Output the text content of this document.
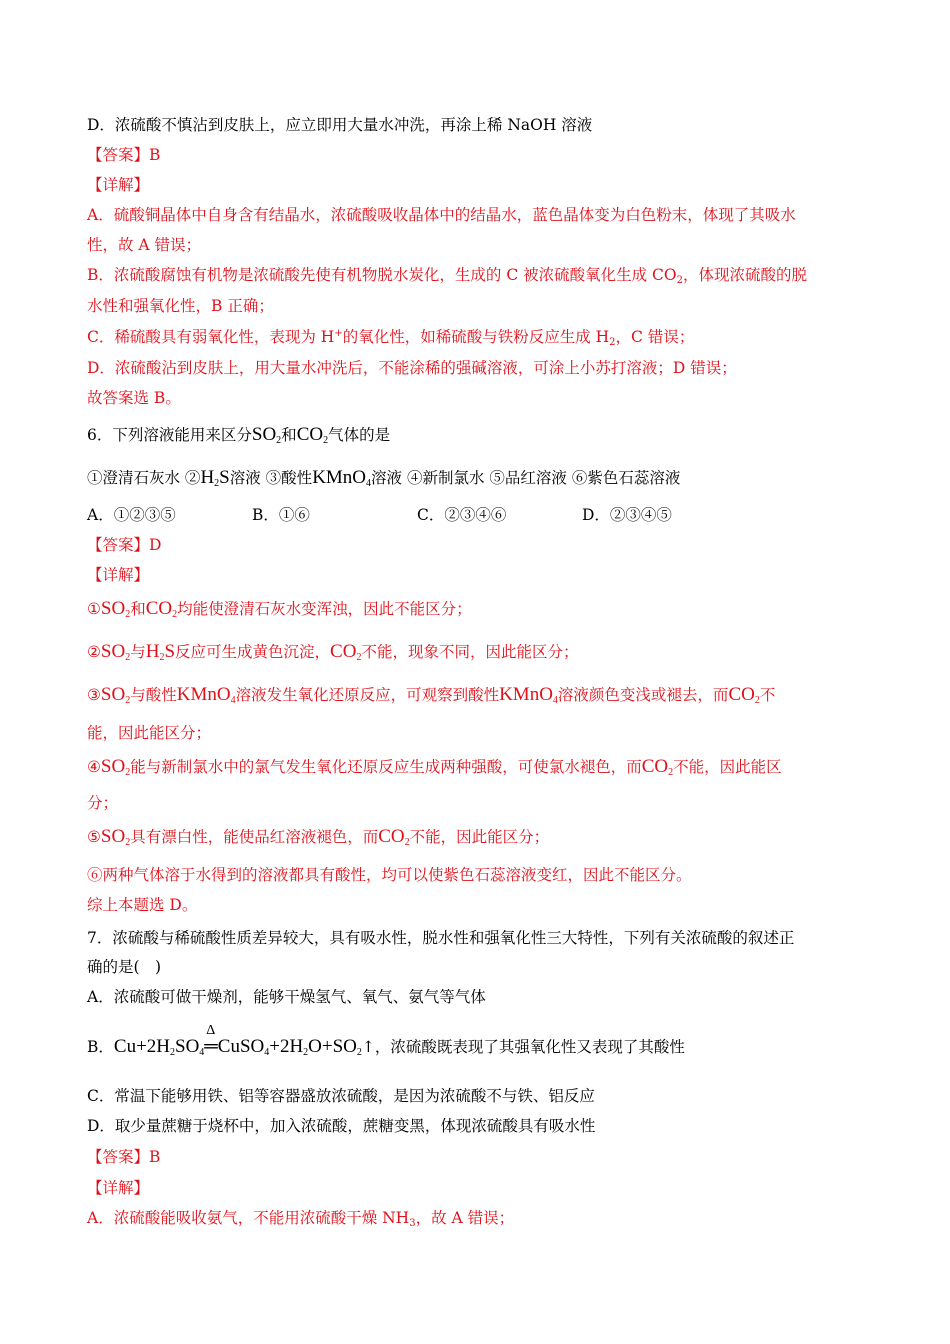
D．浓硫酸不慎沾到皮肤上，应立即用大量水冲洗，再涂上稀 NaOH 溶液
【答案】B
【详解】
A．硫酸铜晶体中自身含有结晶水，浓硫酸吸收晶体中的结晶水，蓝色晶体变为白色粉末，体现了其吸水
性，故 A 错误；
B．浓硫酸腐蚀有机物是浓硫酸先使有机物脱水炭化，生成的 C 被浓硫酸氧化生成 $CO_2$，体现浓硫酸的脱
水性和强氧化性，B 正确；
C．稀硫酸具有弱氧化性，表现为 H+的氧化性，如稀硫酸与铁粉反应生成 $H_2$，C 错误；
D．浓硫酸沾到皮肤上，用大量水冲洗后，不能涂稀的强碱溶液，可涂上小苏打溶液；D 错误；
故答案选 B。
6．下列溶液能用来区分$SO_2$和$CO_2$气体的是
①澄清石灰水 $②H_2S$溶液 ③酸性KMnO$_4$溶液 ④新制氯水 ⑤品红溶液 ⑥紫色石蕊溶液
A．①②③⑤	B．①⑥	C．②③④⑥	D．②③④⑤
【答案】D
【详解】
$①SO_2$和$CO_2$均能使澄清石灰水变浑浊，因此不能区分；
$②SO_2$与$H_2S$反应可生成黄色沉淀，$CO_2$不能，现象不同，因此能区分；
$③SO_2$与酸性KMnO$_4$溶液发生氧化还原反应，可观察到酸性KMnO$_4$溶液颜色变浅或褪去，而$CO_2$不
能，因此能区分；
$④SO_2$能与新制氯水中的氯气发生氧化还原反应生成两种强酸，可使氯水褪色，而$CO_2$不能，因此能区
分；
$⑤SO_2$具有漂白性，能使品红溶液褪色，而$CO_2$不能，因此能区分；
⑥两种气体溶于水得到的溶液都具有酸性，均可以使紫色石蕊溶液变红，因此不能区分。
综上本题选 D。
7．浓硫酸与稀硫酸性质差异较大，具有吸水性，脱水性和强氧化性三大特性，下列有关浓硫酸的叙述正
确的是(　)
A．浓硫酸可做干燥剂，能够干燥氢气、氧气、氨气等气体
B．$Cu+2H_2SO_4$
Δ
$═CuSO_4+2H_2O+SO_2↑$，浓硫酸既表现了其强氧化性又表现了其酸性
C．常温下能够用铁、铝等容器盛放浓硫酸，是因为浓硫酸不与铁、铝反应
D．取少量蔗糖于烧杯中，加入浓硫酸，蔗糖变黑，体现浓硫酸具有吸水性
【答案】B
【详解】
A．浓硫酸能吸收氨气，不能用浓硫酸干燥 $NH_3$，故 A 错误；
